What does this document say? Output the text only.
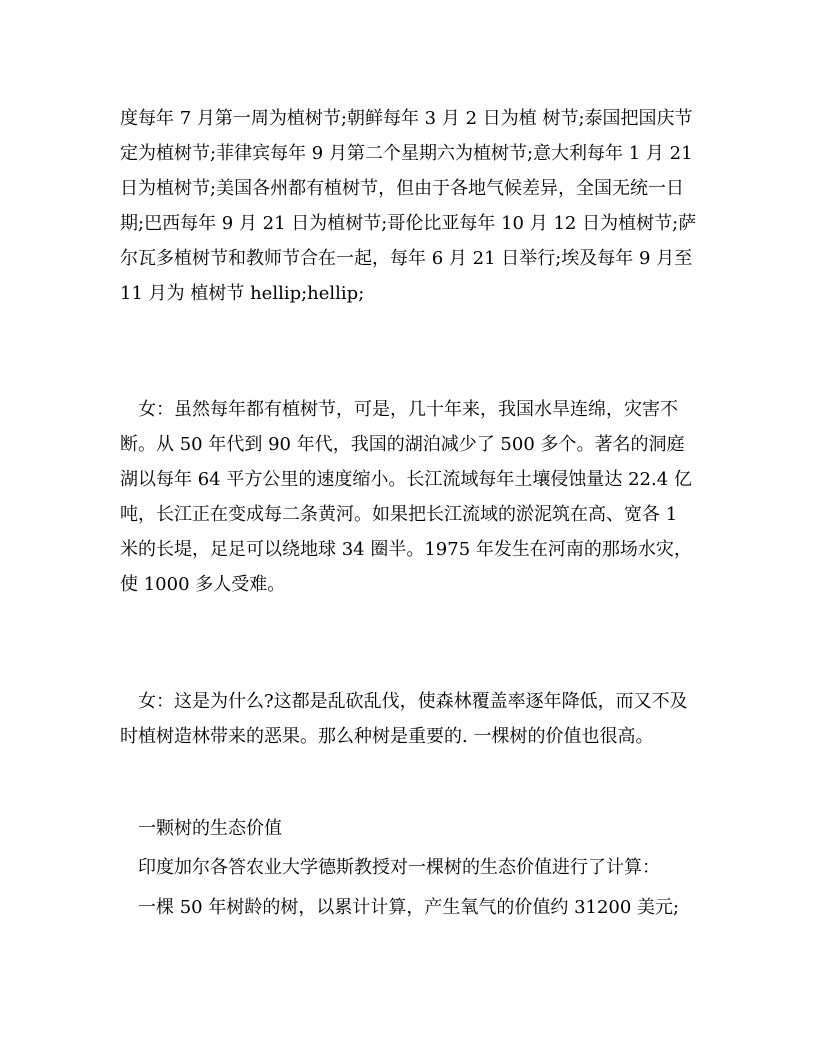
度每年 7 月第一周为植树节;朝鲜每年 3 月 2 日为植 树节;泰国把国庆节定为植树节;菲律宾每年 9 月第二个星期六为植树节;意大利每年 1 月 21 日为植树节;美国各州都有植树节，但由于各地气候差异，全国无统一日期;巴西每年 9 月 21 日为植树节;哥伦比亚每年 10 月 12 日为植树节;萨尔瓦多植树节和教师节合在一起，每年 6 月 21 日举行;埃及每年 9 月至 11 月为 植树节 hellip;hellip;

　女：虽然每年都有植树节，可是，几十年来，我国水旱连绵，灾害不断。从 50 年代到 90 年代，我国的湖泊减少了 500 多个。著名的洞庭湖以每年 64 平方公里的速度缩小。长江流域每年土壤侵蚀量达 22.4 亿吨，长江正在变成每二条黄河。如果把长江流域的淤泥筑在高、宽各 1 米的长堤，足足可以绕地球 34 圈半。1975 年发生在河南的那场水灾，使 1000 多人受难。

　女：这是为什么?这都是乱砍乱伐，使森林覆盖率逐年降低，而又不及时植树造林带来的恶果。那么种树是重要的. 一棵树的价值也很高。

　一颗树的生态价值

　印度加尔各答农业大学德斯教授对一棵树的生态价值进行了计算：

　一棵 50 年树龄的树，以累计计算，产生氧气的价值约 31200 美元;
